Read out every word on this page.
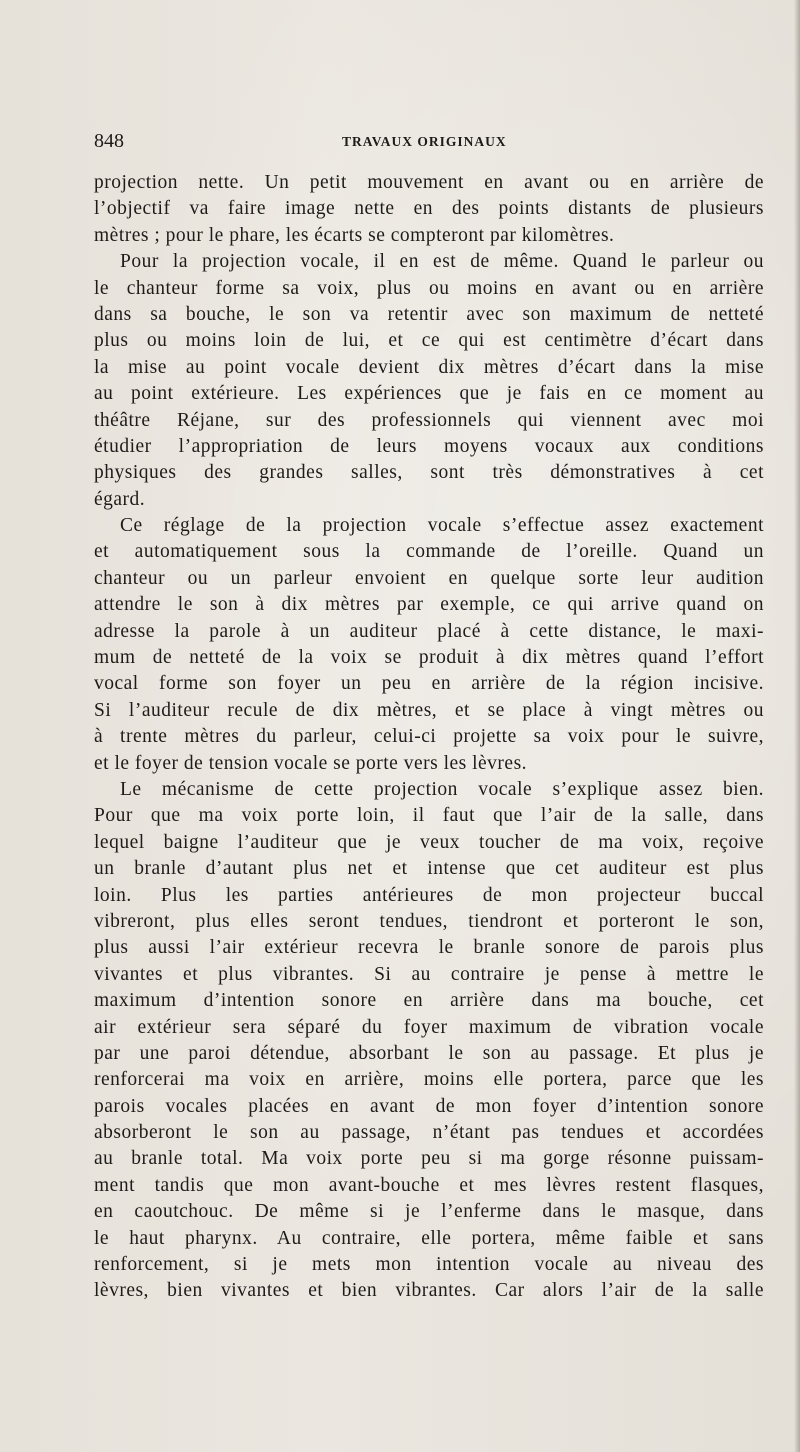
848	TRAVAUX ORIGINAUX
projection nette. Un petit mouvement en avant ou en arrière de
l’objectif va faire image nette en des points distants de plusieurs
mètres ; pour le phare, les écarts se compteront par kilomètres.
Pour la projection vocale, il en est de même. Quand le parleur ou
le chanteur forme sa voix, plus ou moins en avant ou en arrière
dans sa bouche, le son va retentir avec son maximum de netteté
plus ou moins loin de lui, et ce qui est centimètre d’écart dans
la mise au point vocale devient dix mètres d’écart dans la mise
au point extérieure. Les expériences que je fais en ce moment au
théâtre Réjane, sur des professionnels qui viennent avec moi
étudier l’appropriation de leurs moyens vocaux aux conditions
physiques des grandes salles, sont très démonstratives à cet
égard.
Ce réglage de la projection vocale s’effectue assez exactement
et automatiquement sous la commande de l’oreille. Quand un
chanteur ou un parleur envoient en quelque sorte leur audition
attendre le son à dix mètres par exemple, ce qui arrive quand on
adresse la parole à un auditeur placé à cette distance, le maxi-
mum de netteté de la voix se produit à dix mètres quand l’effort
vocal forme son foyer un peu en arrière de la région incisive.
Si l’auditeur recule de dix mètres, et se place à vingt mètres ou
à trente mètres du parleur, celui-ci projette sa voix pour le suivre,
et le foyer de tension vocale se porte vers les lèvres.
Le mécanisme de cette projection vocale s’explique assez bien.
Pour que ma voix porte loin, il faut que l’air de la salle, dans
lequel baigne l’auditeur que je veux toucher de ma voix, reçoive
un branle d’autant plus net et intense que cet auditeur est plus
loin. Plus les parties antérieures de mon projecteur buccal
vibreront, plus elles seront tendues, tiendront et porteront le son,
plus aussi l’air extérieur recevra le branle sonore de parois plus
vivantes et plus vibrantes. Si au contraire je pense à mettre le
maximum d’intention sonore en arrière dans ma bouche, cet
air extérieur sera séparé du foyer maximum de vibration vocale
par une paroi détendue, absorbant le son au passage. Et plus je
renforcerai ma voix en arrière, moins elle portera, parce que les
parois vocales placées en avant de mon foyer d’intention sonore
absorberont le son au passage, n’étant pas tendues et accordées
au branle total. Ma voix porte peu si ma gorge résonne puissam-
ment tandis que mon avant-bouche et mes lèvres restent flasques,
en caoutchouc. De même si je l’enferme dans le masque, dans
le haut pharynx. Au contraire, elle portera, même faible et sans
renforcement, si je mets mon intention vocale au niveau des
lèvres, bien vivantes et bien vibrantes. Car alors l’air de la salle
